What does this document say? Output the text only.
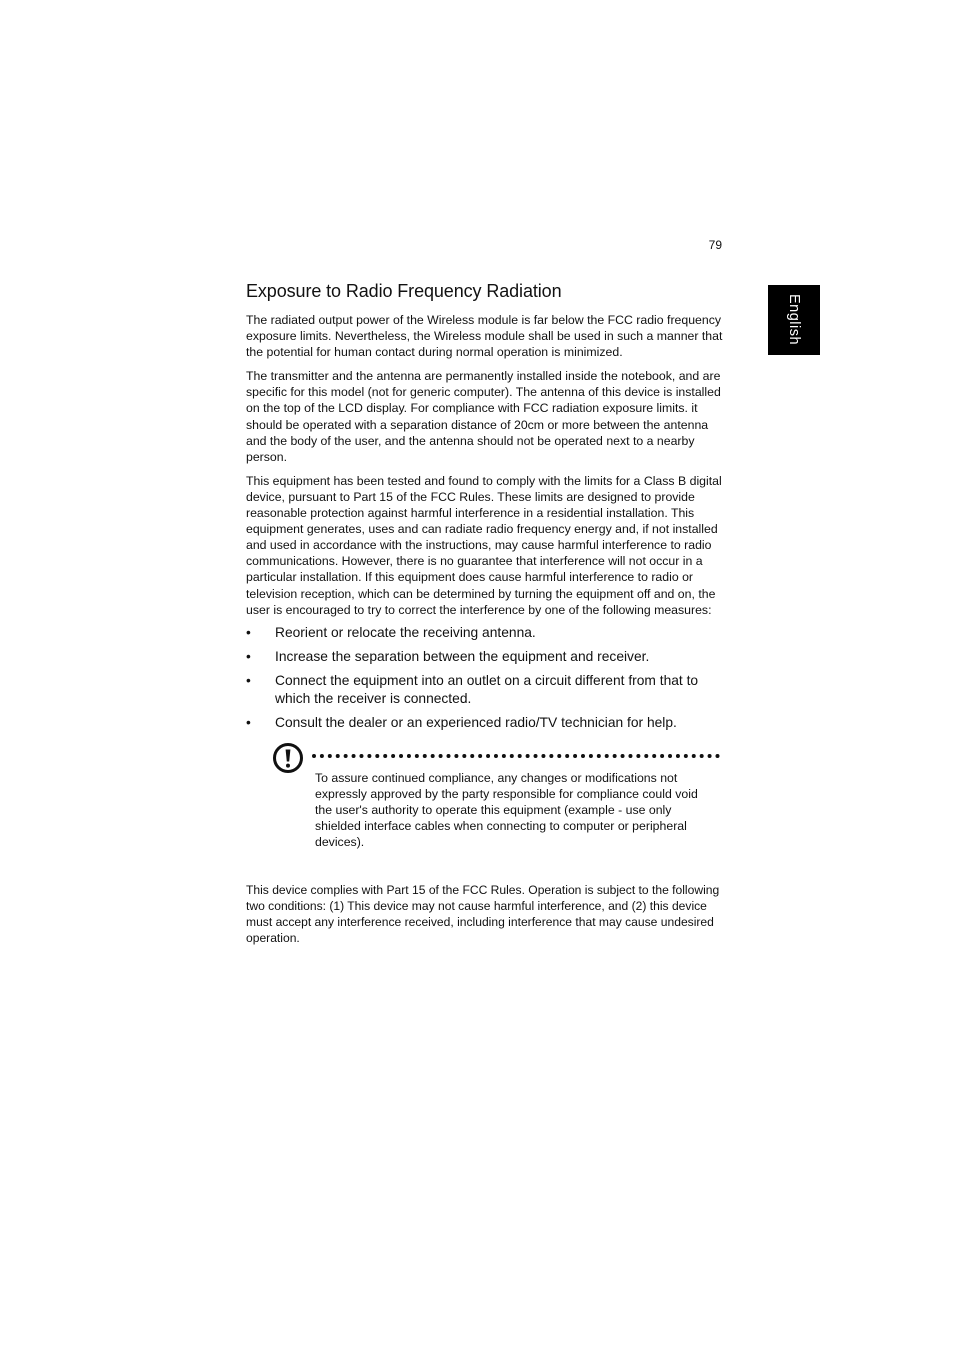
79
English
Exposure to Radio Frequency Radiation

The radiated output power of the Wireless module is far below the FCC radio frequency exposure limits. Nevertheless, the Wireless module shall be used in such a manner that the potential for human contact during normal operation is minimized.

The transmitter and the antenna are permanently installed inside the notebook, and are specific for this model (not for generic computer). The antenna of this device is installed on the top of the LCD display. For compliance with FCC radiation exposure limits. it should be operated with a separation distance of 20cm or more between the antenna and the body of the user, and the antenna should not be operated next to a nearby person.

This equipment has been tested and found to comply with the limits for a Class B digital device, pursuant to Part 15 of the FCC Rules. These limits are designed to provide reasonable protection against harmful interference in a residential installation. This equipment generates, uses and can radiate radio frequency energy and, if not installed and used in accordance with the instructions, may cause harmful interference to radio communications. However, there is no guarantee that interference will not occur in a particular installation. If this equipment does cause harmful interference to radio or television reception, which can be determined by turning the equipment off and on, the user is encouraged to try to correct the interference by one of the following measures:

• Reorient or relocate the receiving antenna.
• Increase the separation between the equipment and receiver.
• Connect the equipment into an outlet on a circuit different from that to which the receiver is connected.
• Consult the dealer or an experienced radio/TV technician for help.
To assure continued compliance, any changes or modifications not expressly approved by the party responsible for compliance could void the user's authority to operate this equipment (example - use only shielded interface cables when connecting to computer or peripheral devices).

This device complies with Part 15 of the FCC Rules. Operation is subject to the following two conditions: (1) This device may not cause harmful interference, and (2) this device must accept any interference received, including interference that may cause undesired operation.
